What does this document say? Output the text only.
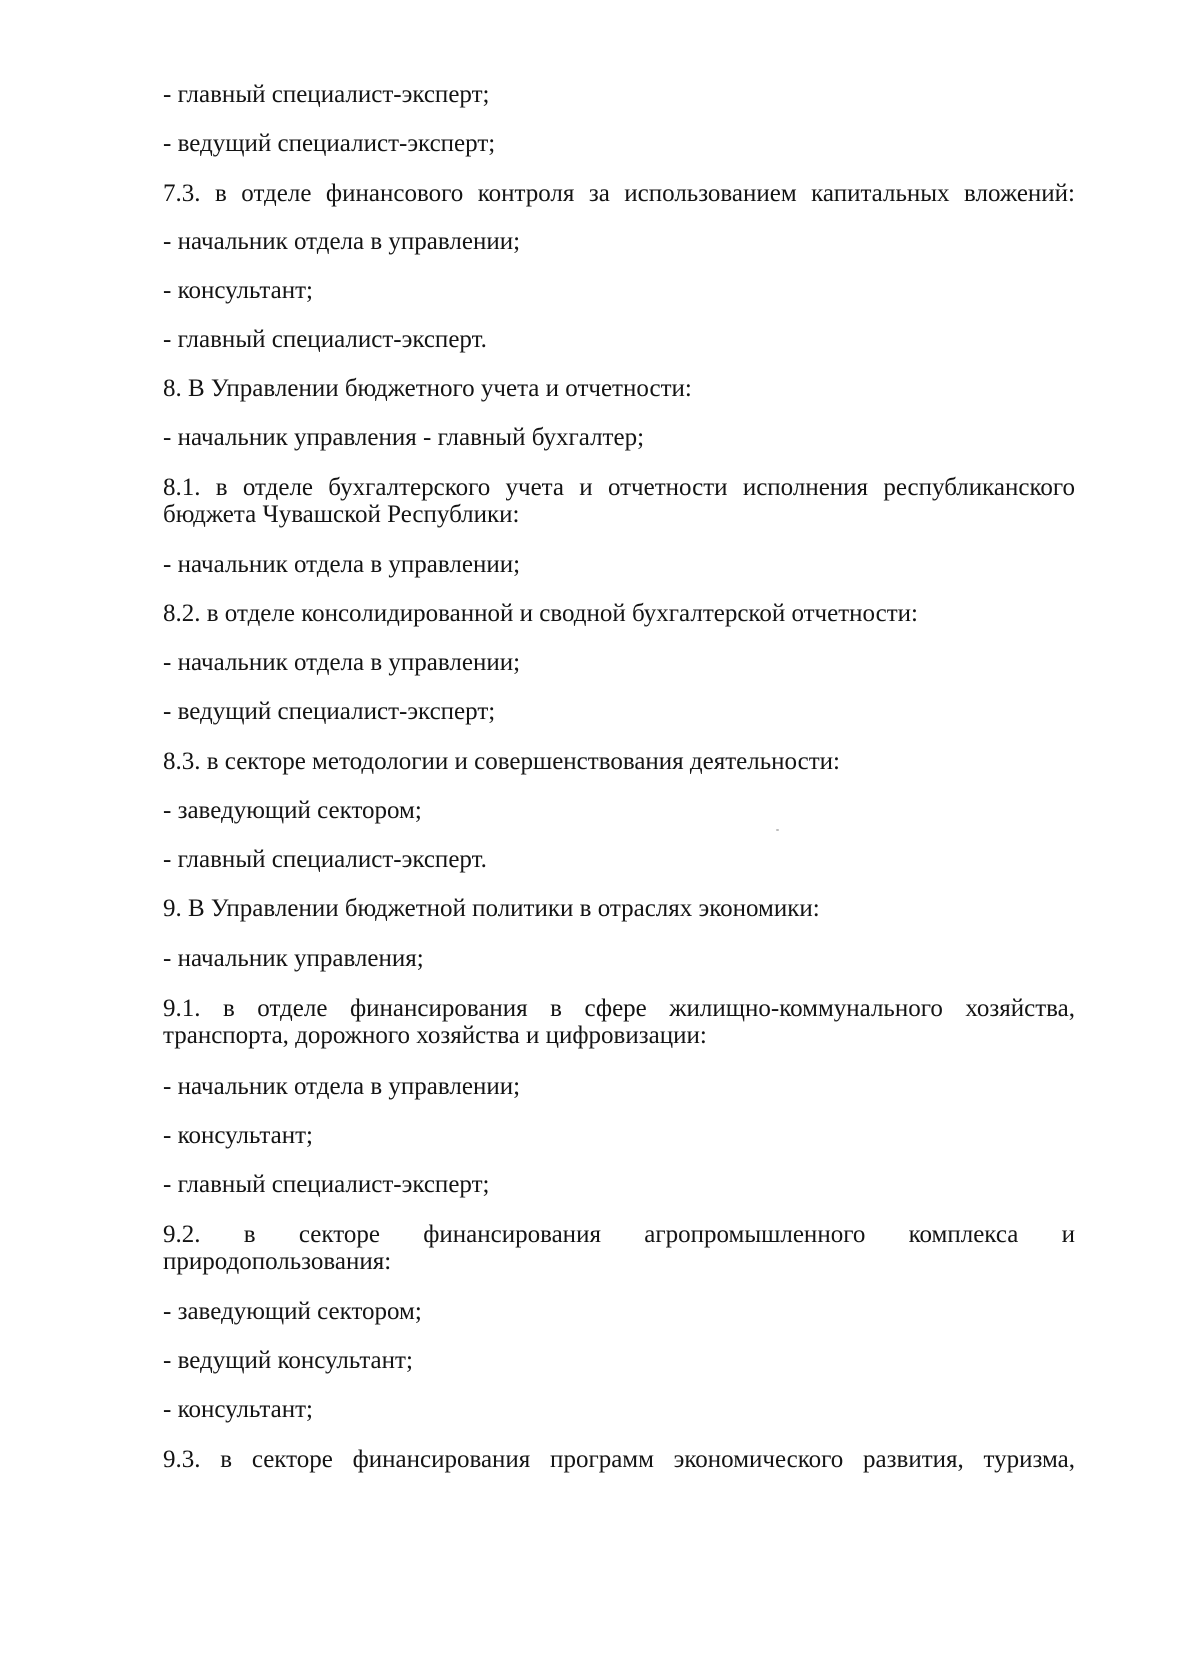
- главный специалист-эксперт;
- ведущий специалист-эксперт;
7.3. в отделе финансового контроля за использованием капитальных вложений:
- начальник отдела в управлении;
- консультант;
- главный специалист-эксперт.
8. В Управлении бюджетного учета и отчетности:
- начальник управления - главный бухгалтер;
8.1. в отделе бухгалтерского учета и отчетности исполнения республиканского
бюджета Чувашской Республики:
- начальник отдела в управлении;
8.2. в отделе консолидированной и сводной бухгалтерской отчетности:
- начальник отдела в управлении;
- ведущий специалист-эксперт;
8.3. в секторе методологии и совершенствования деятельности:
- заведующий сектором;
- главный специалист-эксперт.
9. В Управлении бюджетной политики в отраслях экономики:
- начальник управления;
9.1. в отделе финансирования в сфере жилищно-коммунального хозяйства,
транспорта, дорожного хозяйства и цифровизации:
- начальник отдела в управлении;
- консультант;
- главный специалист-эксперт;
9.2. в секторе финансирования агропромышленного комплекса и
природопользования:
- заведующий сектором;
- ведущий консультант;
- консультант;
9.3. в секторе финансирования программ экономического развития, туризма,
